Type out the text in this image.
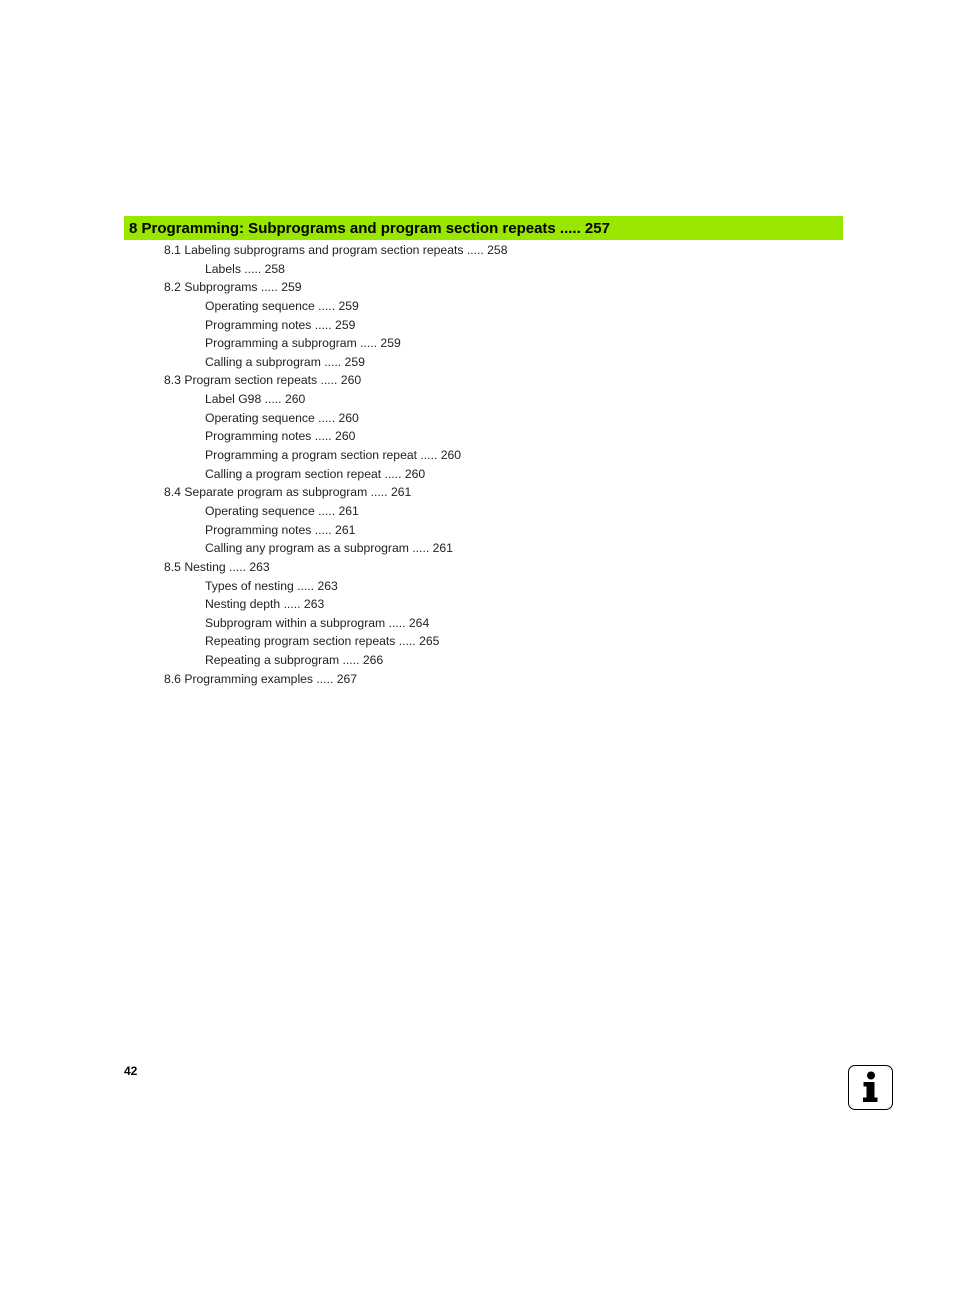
8 Programming: Subprograms and program section repeats ..... 257
8.1 Labeling subprograms and program section repeats ..... 258
Labels ..... 258
8.2 Subprograms ..... 259
Operating sequence ..... 259
Programming notes ..... 259
Programming a subprogram ..... 259
Calling a subprogram ..... 259
8.3 Program section repeats ..... 260
Label G98 ..... 260
Operating sequence ..... 260
Programming notes ..... 260
Programming a program section repeat ..... 260
Calling a program section repeat ..... 260
8.4 Separate program as subprogram ..... 261
Operating sequence ..... 261
Programming notes ..... 261
Calling any program as a subprogram ..... 261
8.5 Nesting ..... 263
Types of nesting ..... 263
Nesting depth ..... 263
Subprogram within a subprogram ..... 264
Repeating program section repeats ..... 265
Repeating a subprogram ..... 266
8.6 Programming examples ..... 267
42
